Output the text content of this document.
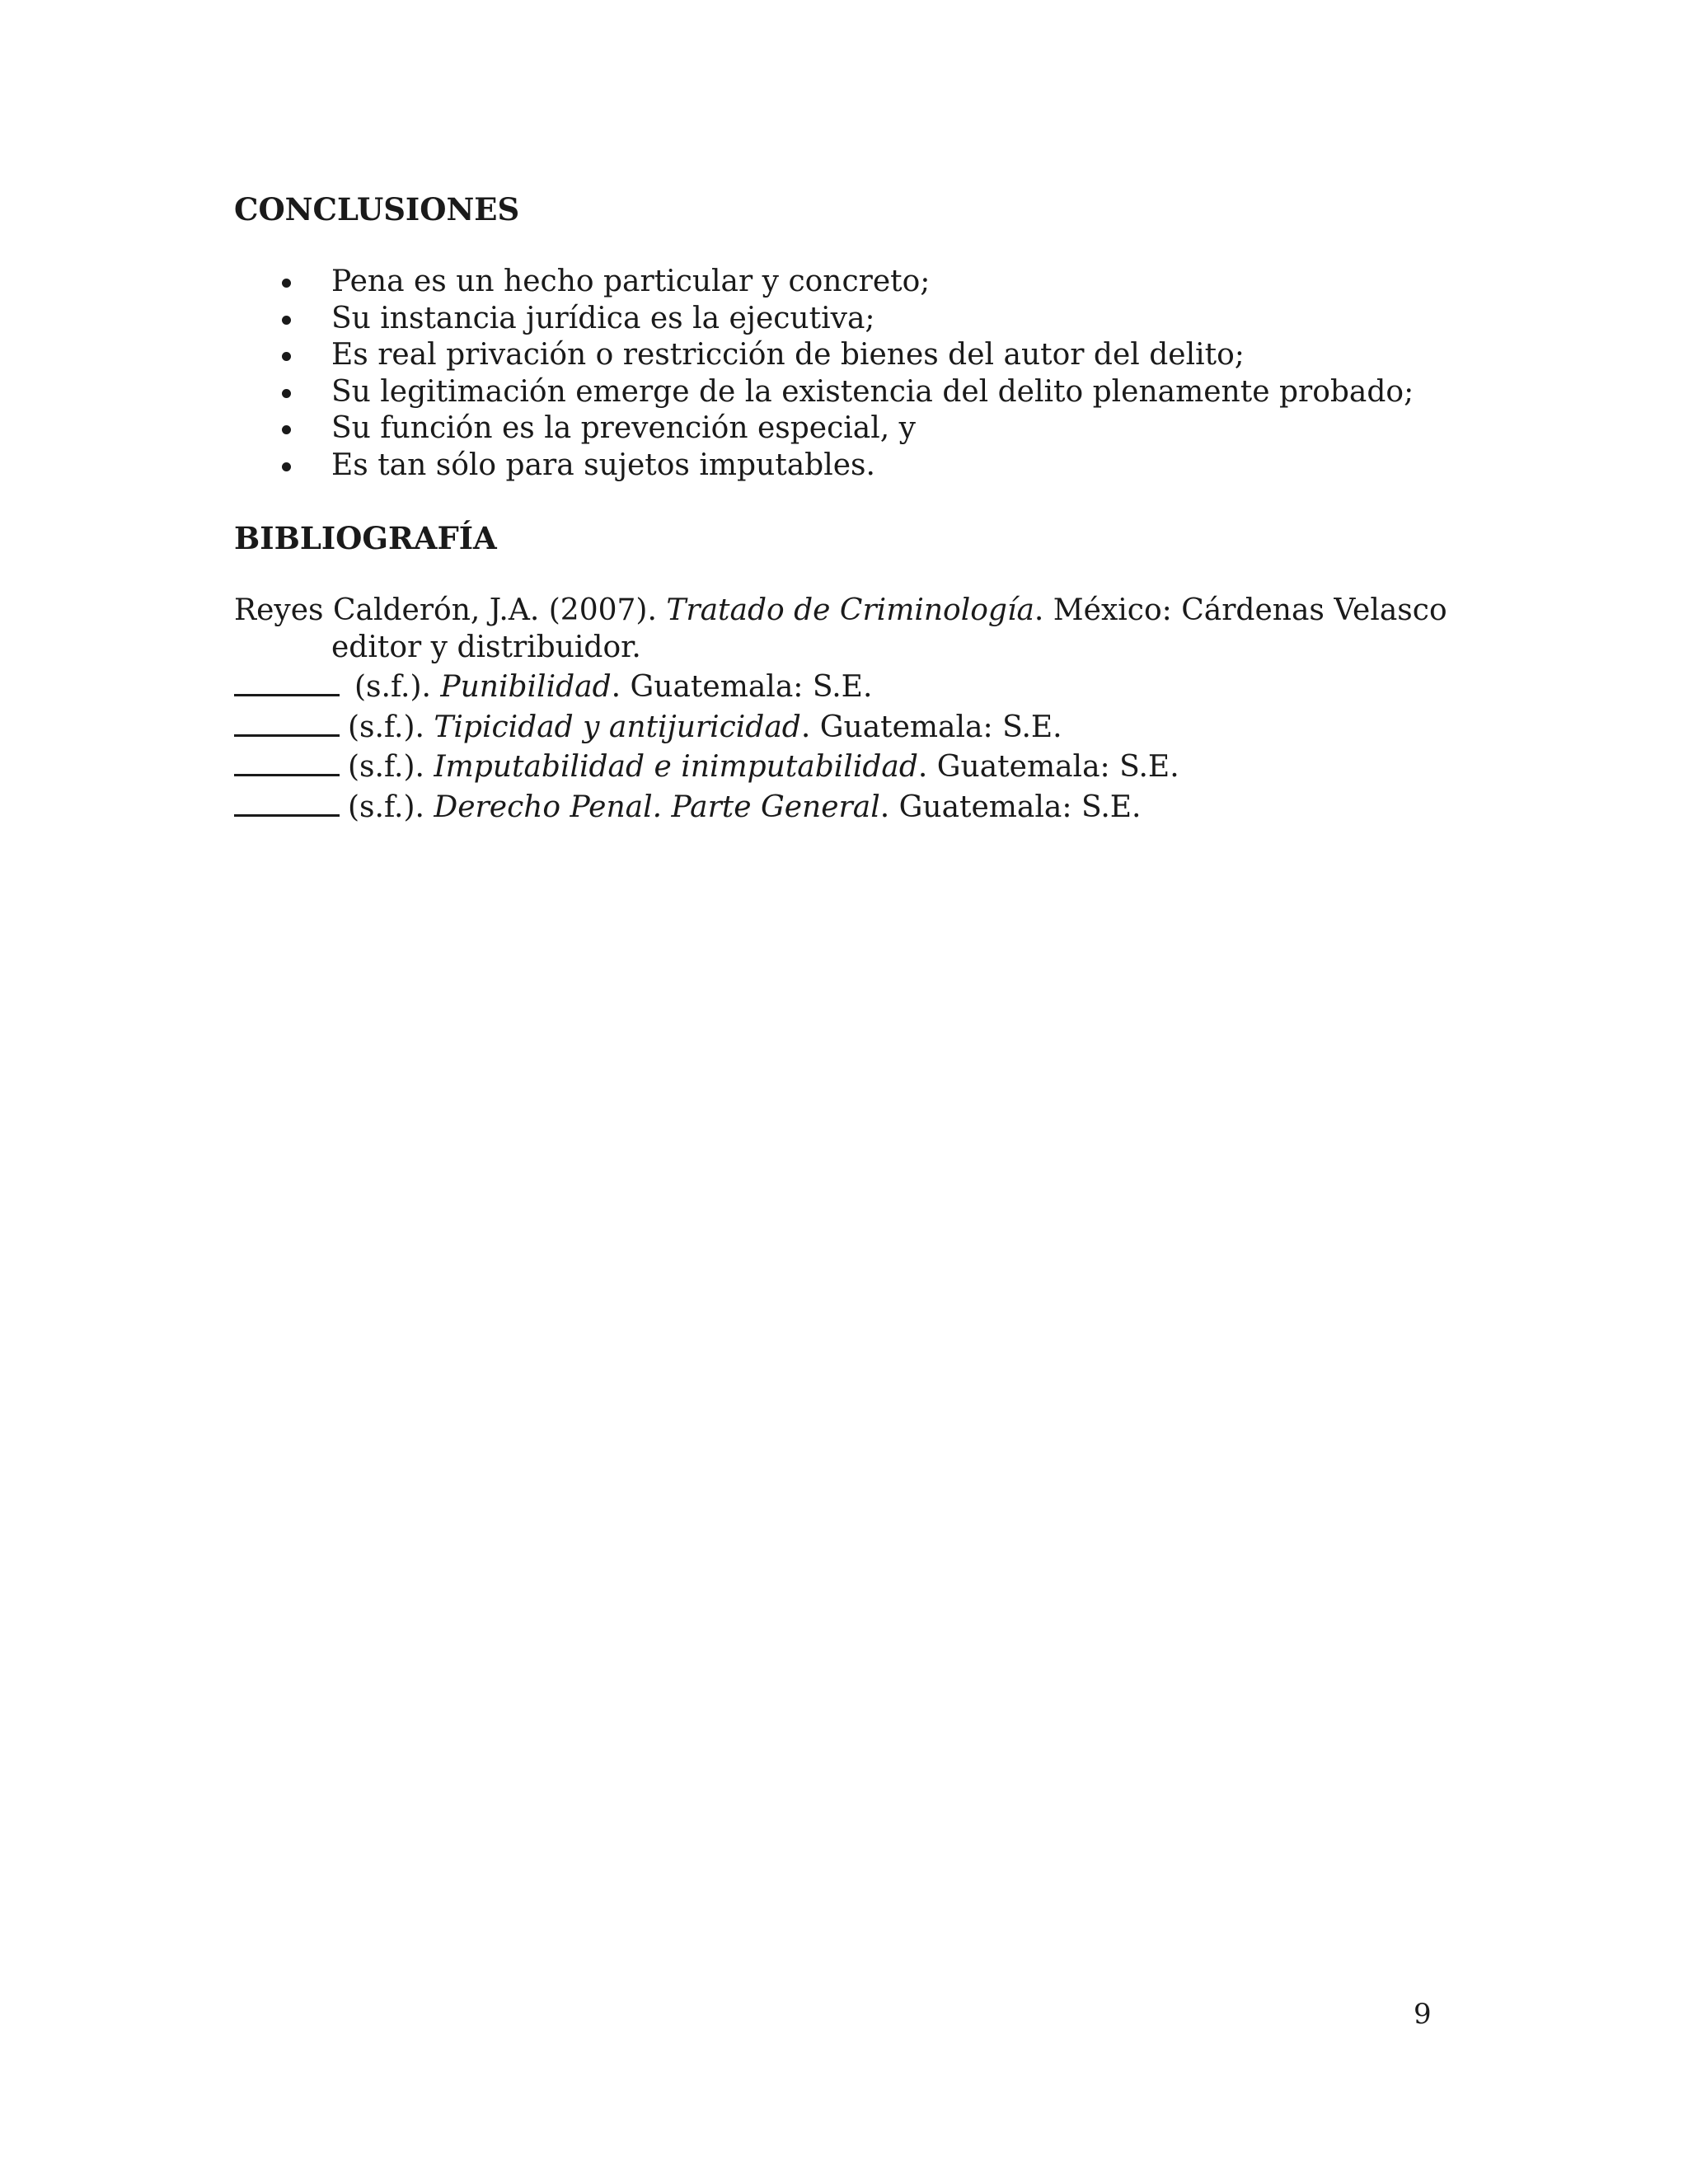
CONCLUSIONES
Pena es un hecho particular y concreto;
Su instancia jurídica es la ejecutiva;
Es real privación o restricción de bienes del autor del delito;
Su legitimación emerge de la existencia del delito plenamente probado;
Su función es la prevención especial, y
Es tan sólo para sujetos imputables.
BIBLIOGRAFÍA
Reyes Calderón, J.A. (2007). Tratado de Criminología. México: Cárdenas Velasco
editor y distribuidor.
(s.f.). Punibilidad. Guatemala: S.E.
(s.f.). Tipicidad y antijuricidad. Guatemala: S.E.
(s.f.). Imputabilidad e inimputabilidad. Guatemala: S.E.
(s.f.). Derecho Penal. Parte General. Guatemala: S.E.
9
